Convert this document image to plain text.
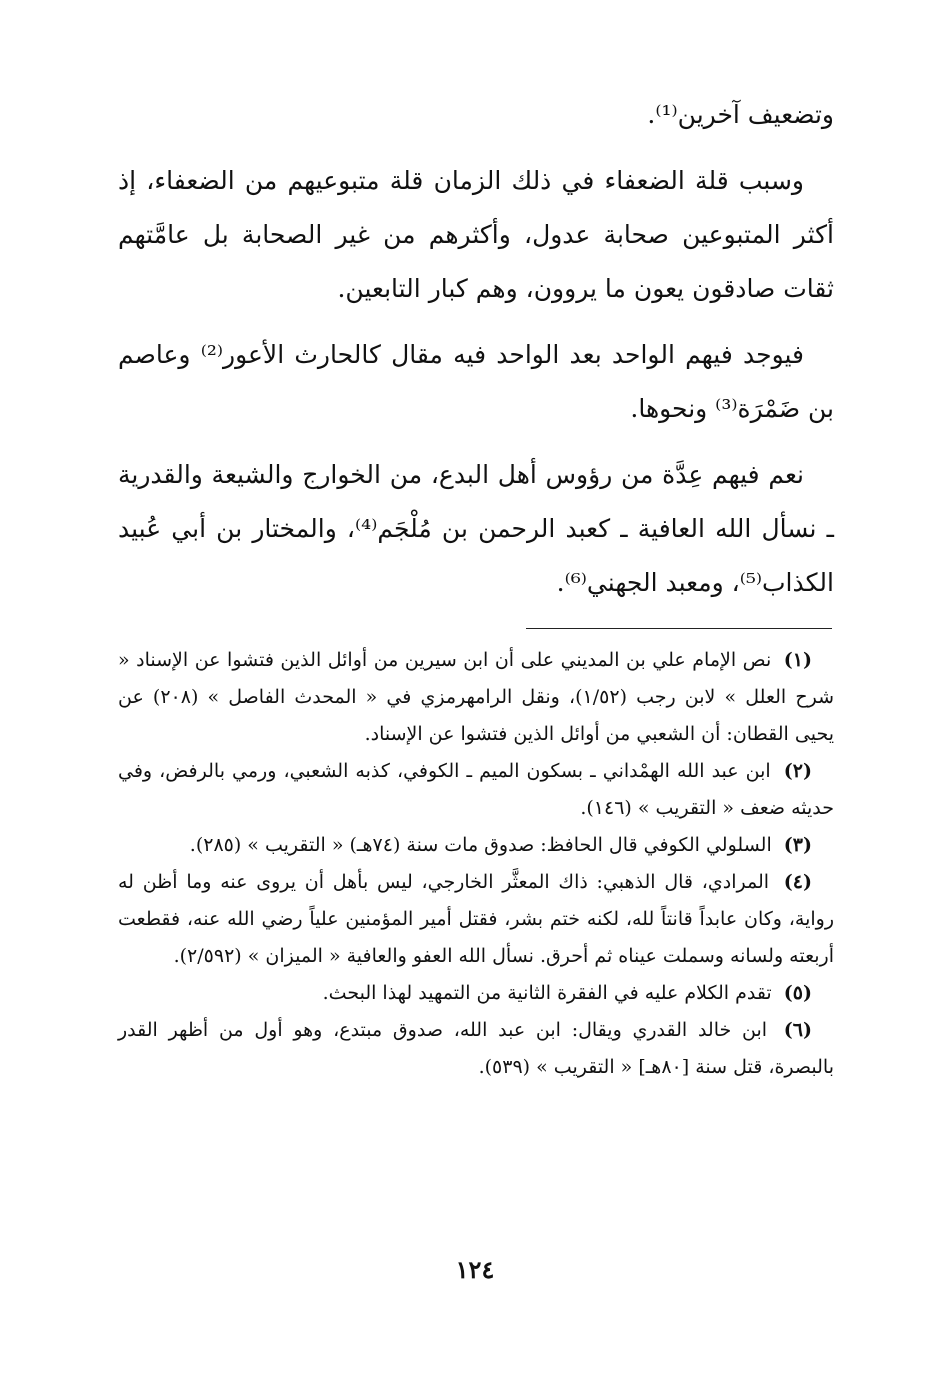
وتضعيف آخرين⁽¹⁾.

وسبب قلة الضعفاء في ذلك الزمان قلة متبوعيهم من الضعفاء، إذ أكثر المتبوعين صحابة عدول، وأكثرهم من غير الصحابة بل عامَّتهم ثقات صادقون يعون ما يروون، وهم كبار التابعين.

فيوجد فيهم الواحد بعد الواحد فيه مقال كالحارث الأعور⁽²⁾ وعاصم بن ضَمْرَة⁽³⁾ ونحوها.

نعم فيهم عِدَّة من رؤوس أهل البدع، من الخوارج والشيعة والقدرية ـ نسأل الله العافية ـ كعبد الرحمن بن مُلْجَم⁽⁴⁾، والمختار بن أبي عُبيد الكذاب⁽⁵⁾، ومعبد الجهني⁽⁶⁾.

(١) نص الإمام علي بن المديني على أن ابن سيرين من أوائل الذين فتشوا عن الإسناد « شرح العلل » لابن رجب (١/٥٢)، ونقل الرامهرمزي في « المحدث الفاصل » (٢٠٨) عن يحيى القطان: أن الشعبي من أوائل الذين فتشوا عن الإسناد.

(٢) ابن عبد الله الهمْداني ـ بسكون الميم ـ الكوفي، كذبه الشعبي، ورمي بالرفض، وفي حديثه ضعف « التقريب » (١٤٦).

(٣) السلولي الكوفي قال الحافظ: صدوق مات سنة (٧٤هـ) « التقريب » (٢٨٥).

(٤) المرادي، قال الذهبي: ذاك المعثَّر الخارجي، ليس بأهل أن يروى عنه وما أظن له رواية، وكان عابداً قانتاً لله، لكنه ختم بشر، فقتل أمير المؤمنين علياً رضي الله عنه، فقطعت أربعته ولسانه وسملت عيناه ثم أحرق. نسأل الله العفو والعافية « الميزان » (٢/٥٩٢).

(٥) تقدم الكلام عليه في الفقرة الثانية من التمهيد لهذا البحث.

(٦) ابن خالد القدري ويقال: ابن عبد الله، صدوق مبتدع، وهو أول من أظهر القدر بالبصرة، قتل سنة [٨٠هـ] « التقريب » (٥٣٩).

١٢٤
